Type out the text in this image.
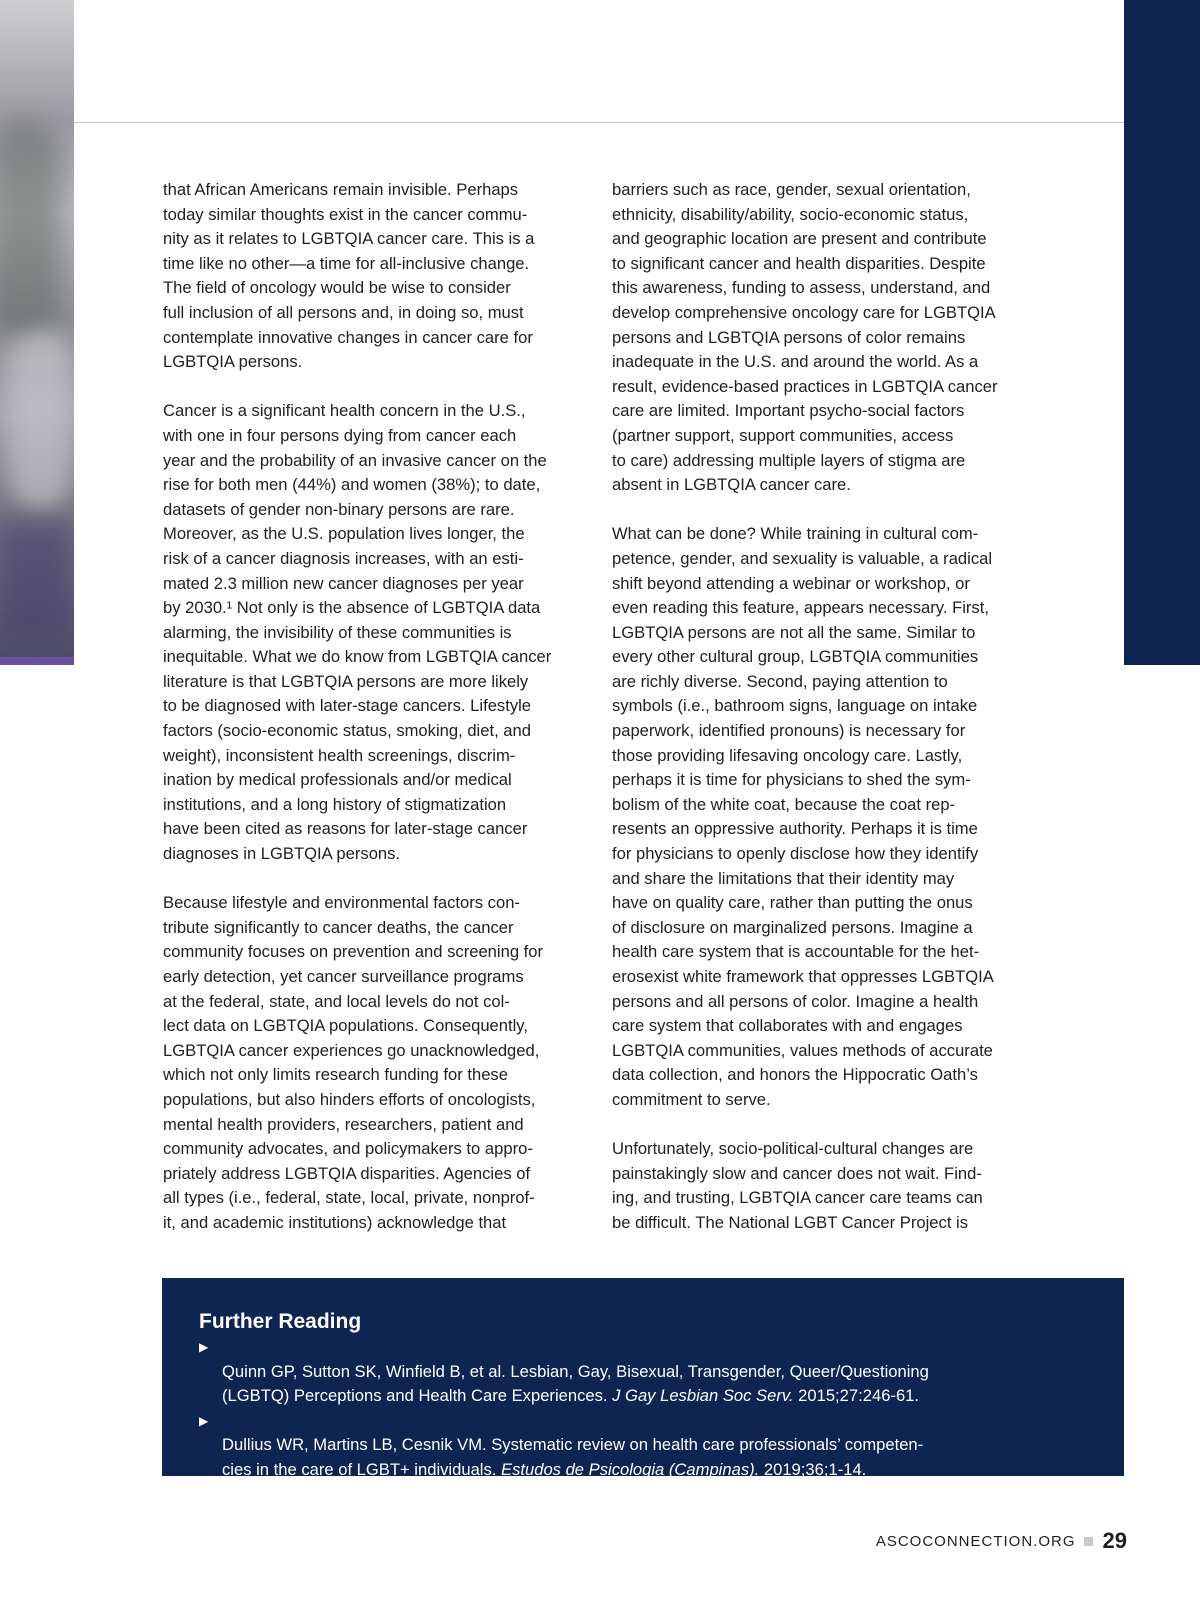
that African Americans remain invisible. Perhaps
today similar thoughts exist in the cancer commu-
nity as it relates to LGBTQIA cancer care. This is a
time like no other—a time for all-inclusive change.
The field of oncology would be wise to consider
full inclusion of all persons and, in doing so, must
contemplate innovative changes in cancer care for
LGBTQIA persons.

Cancer is a significant health concern in the U.S.,
with one in four persons dying from cancer each
year and the probability of an invasive cancer on the
rise for both men (44%) and women (38%); to date,
datasets of gender non-binary persons are rare.
Moreover, as the U.S. population lives longer, the
risk of a cancer diagnosis increases, with an esti-
mated 2.3 million new cancer diagnoses per year
by 2030.¹ Not only is the absence of LGBTQIA data
alarming, the invisibility of these communities is
inequitable. What we do know from LGBTQIA cancer
literature is that LGBTQIA persons are more likely
to be diagnosed with later-stage cancers. Lifestyle
factors (socio-economic status, smoking, diet, and
weight), inconsistent health screenings, discrim-
ination by medical professionals and/or medical
institutions, and a long history of stigmatization
have been cited as reasons for later-stage cancer
diagnoses in LGBTQIA persons.

Because lifestyle and environmental factors con-
tribute significantly to cancer deaths, the cancer
community focuses on prevention and screening for
early detection, yet cancer surveillance programs
at the federal, state, and local levels do not col-
lect data on LGBTQIA populations. Consequently,
LGBTQIA cancer experiences go unacknowledged,
which not only limits research funding for these
populations, but also hinders efforts of oncologists,
mental health providers, researchers, patient and
community advocates, and policymakers to appro-
priately address LGBTQIA disparities. Agencies of
all types (i.e., federal, state, local, private, nonprof-
it, and academic institutions) acknowledge that

barriers such as race, gender, sexual orientation,
ethnicity, disability/ability, socio-economic status,
and geographic location are present and contribute
to significant cancer and health disparities. Despite
this awareness, funding to assess, understand, and
develop comprehensive oncology care for LGBTQIA
persons and LGBTQIA persons of color remains
inadequate in the U.S. and around the world. As a
result, evidence-based practices in LGBTQIA cancer
care are limited. Important psycho-social factors
(partner support, support communities, access
to care) addressing multiple layers of stigma are
absent in LGBTQIA cancer care.

What can be done? While training in cultural com-
petence, gender, and sexuality is valuable, a radical
shift beyond attending a webinar or workshop, or
even reading this feature, appears necessary. First,
LGBTQIA persons are not all the same. Similar to
every other cultural group, LGBTQIA communities
are richly diverse. Second, paying attention to
symbols (i.e., bathroom signs, language on intake
paperwork, identified pronouns) is necessary for
those providing lifesaving oncology care. Lastly,
perhaps it is time for physicians to shed the sym-
bolism of the white coat, because the coat rep-
resents an oppressive authority. Perhaps it is time
for physicians to openly disclose how they identify
and share the limitations that their identity may
have on quality care, rather than putting the onus
of disclosure on marginalized persons. Imagine a
health care system that is accountable for the het-
erosexist white framework that oppresses LGBTQIA
persons and all persons of color. Imagine a health
care system that collaborates with and engages
LGBTQIA communities, values methods of accurate
data collection, and honors the Hippocratic Oath’s
commitment to serve.

Unfortunately, socio-political-cultural changes are
painstakingly slow and cancer does not wait. Find-
ing, and trusting, LGBTQIA cancer care teams can
be difficult. The National LGBT Cancer Project is

Further Reading

▶
Quinn GP, Sutton SK, Winfield B, et al. Lesbian, Gay, Bisexual, Transgender, Queer/Questioning
(LGBTQ) Perceptions and Health Care Experiences. J Gay Lesbian Soc Serv. 2015;27:246-61.

▶
Dullius WR, Martins LB, Cesnik VM. Systematic review on health care professionals’ competen-
cies in the care of LGBT+ individuals. Estudos de Psicologia (Campinas). 2019;36;1-14.

ASCOCONNECTION.ORG 29
